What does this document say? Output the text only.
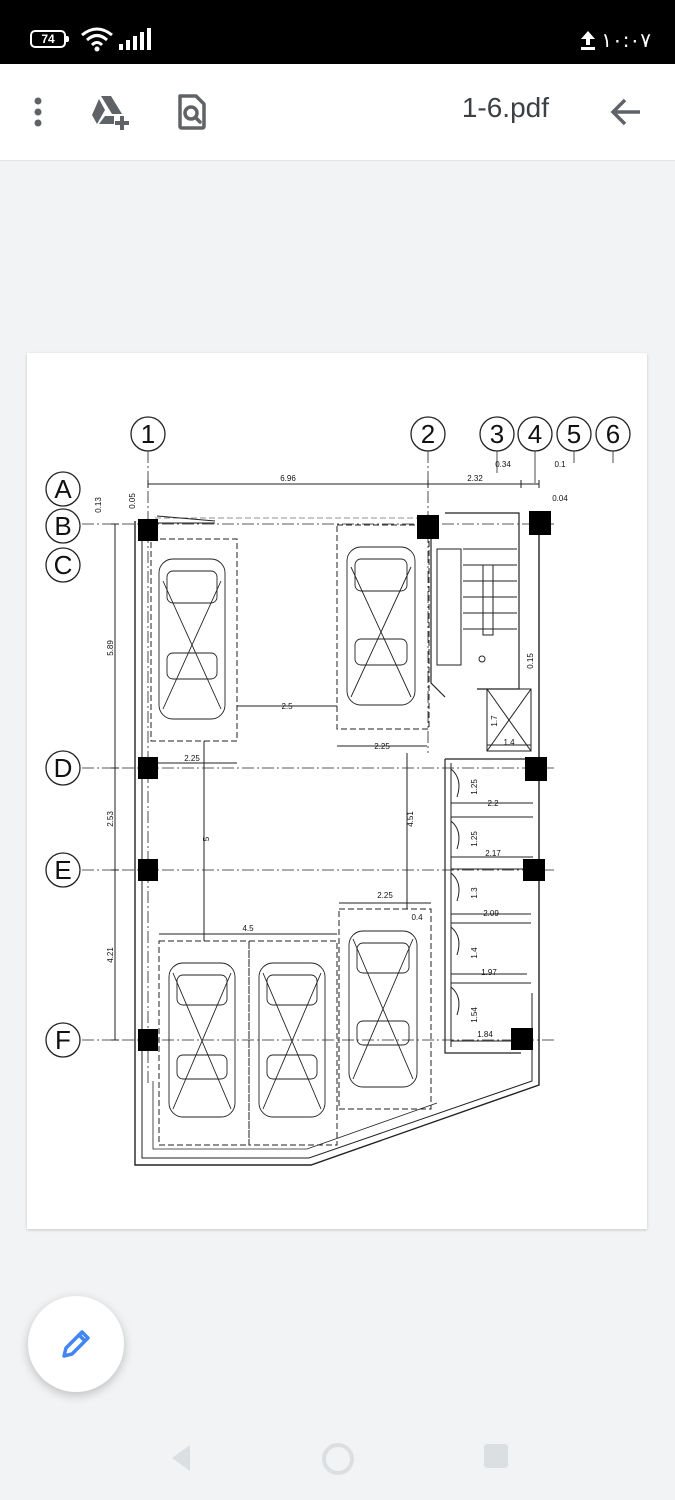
74	۱۰:۰۷
1-6.pdf
1	2 3 4 5 6
A
B
C
D
E
F
6.96	2.32
0.34	0.1
0.04
0.13	0.05
5.89
2.53
4.21
2.5
2.25
2.25
2.25
5
4.51
4.5
0.4
0.15
1.7
1.4
1.25
2.2
1.25
2.17
1.3
2.09
1.4
1.97
1.54
1.84
